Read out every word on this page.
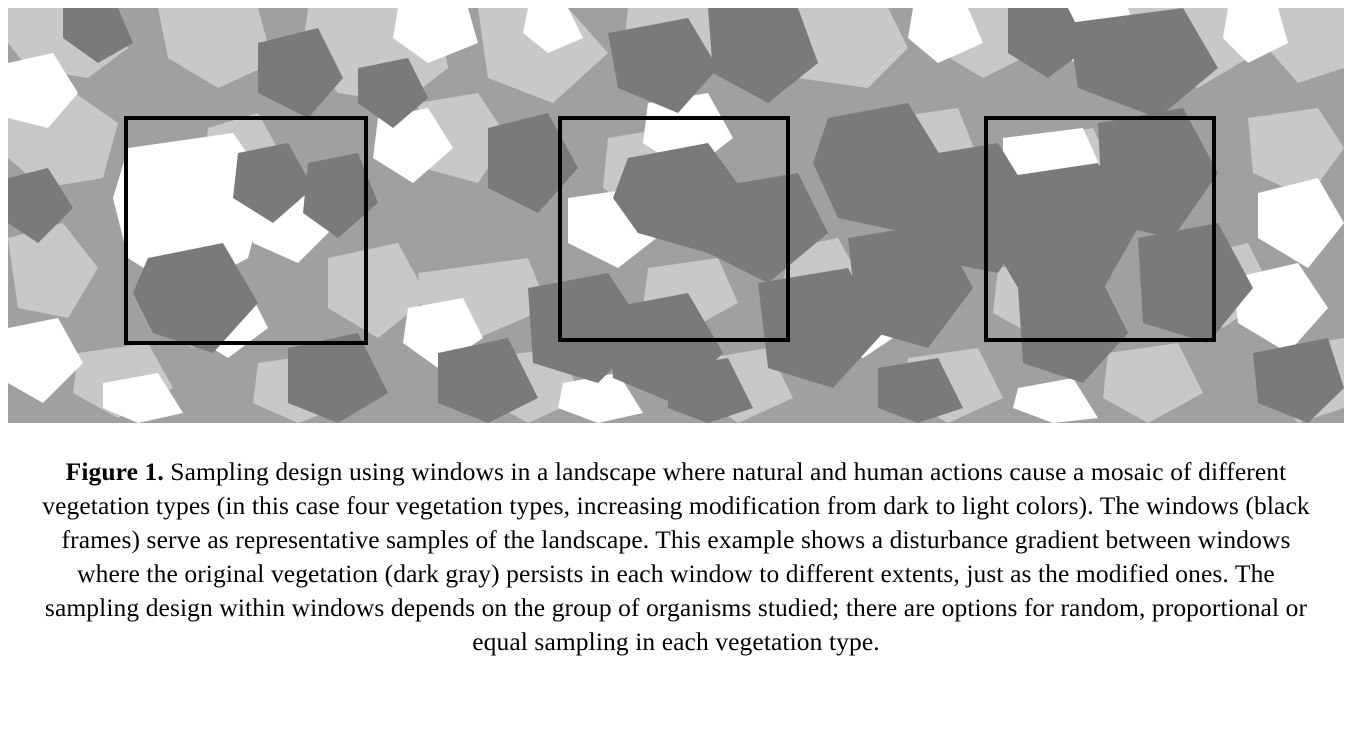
Figure 1. Sampling design using windows in a landscape where natural and human actions cause a mosaic of different vegetation types (in this case four vegetation types, increasing modification from dark to light colors). The windows (black frames) serve as representative samples of the landscape. This example shows a disturbance gradient between windows where the original vegetation (dark gray) persists in each window to different extents, just as the modified ones. The sampling design within windows depends on the group of organisms studied; there are options for random, proportional or equal sampling in each vegetation type.
